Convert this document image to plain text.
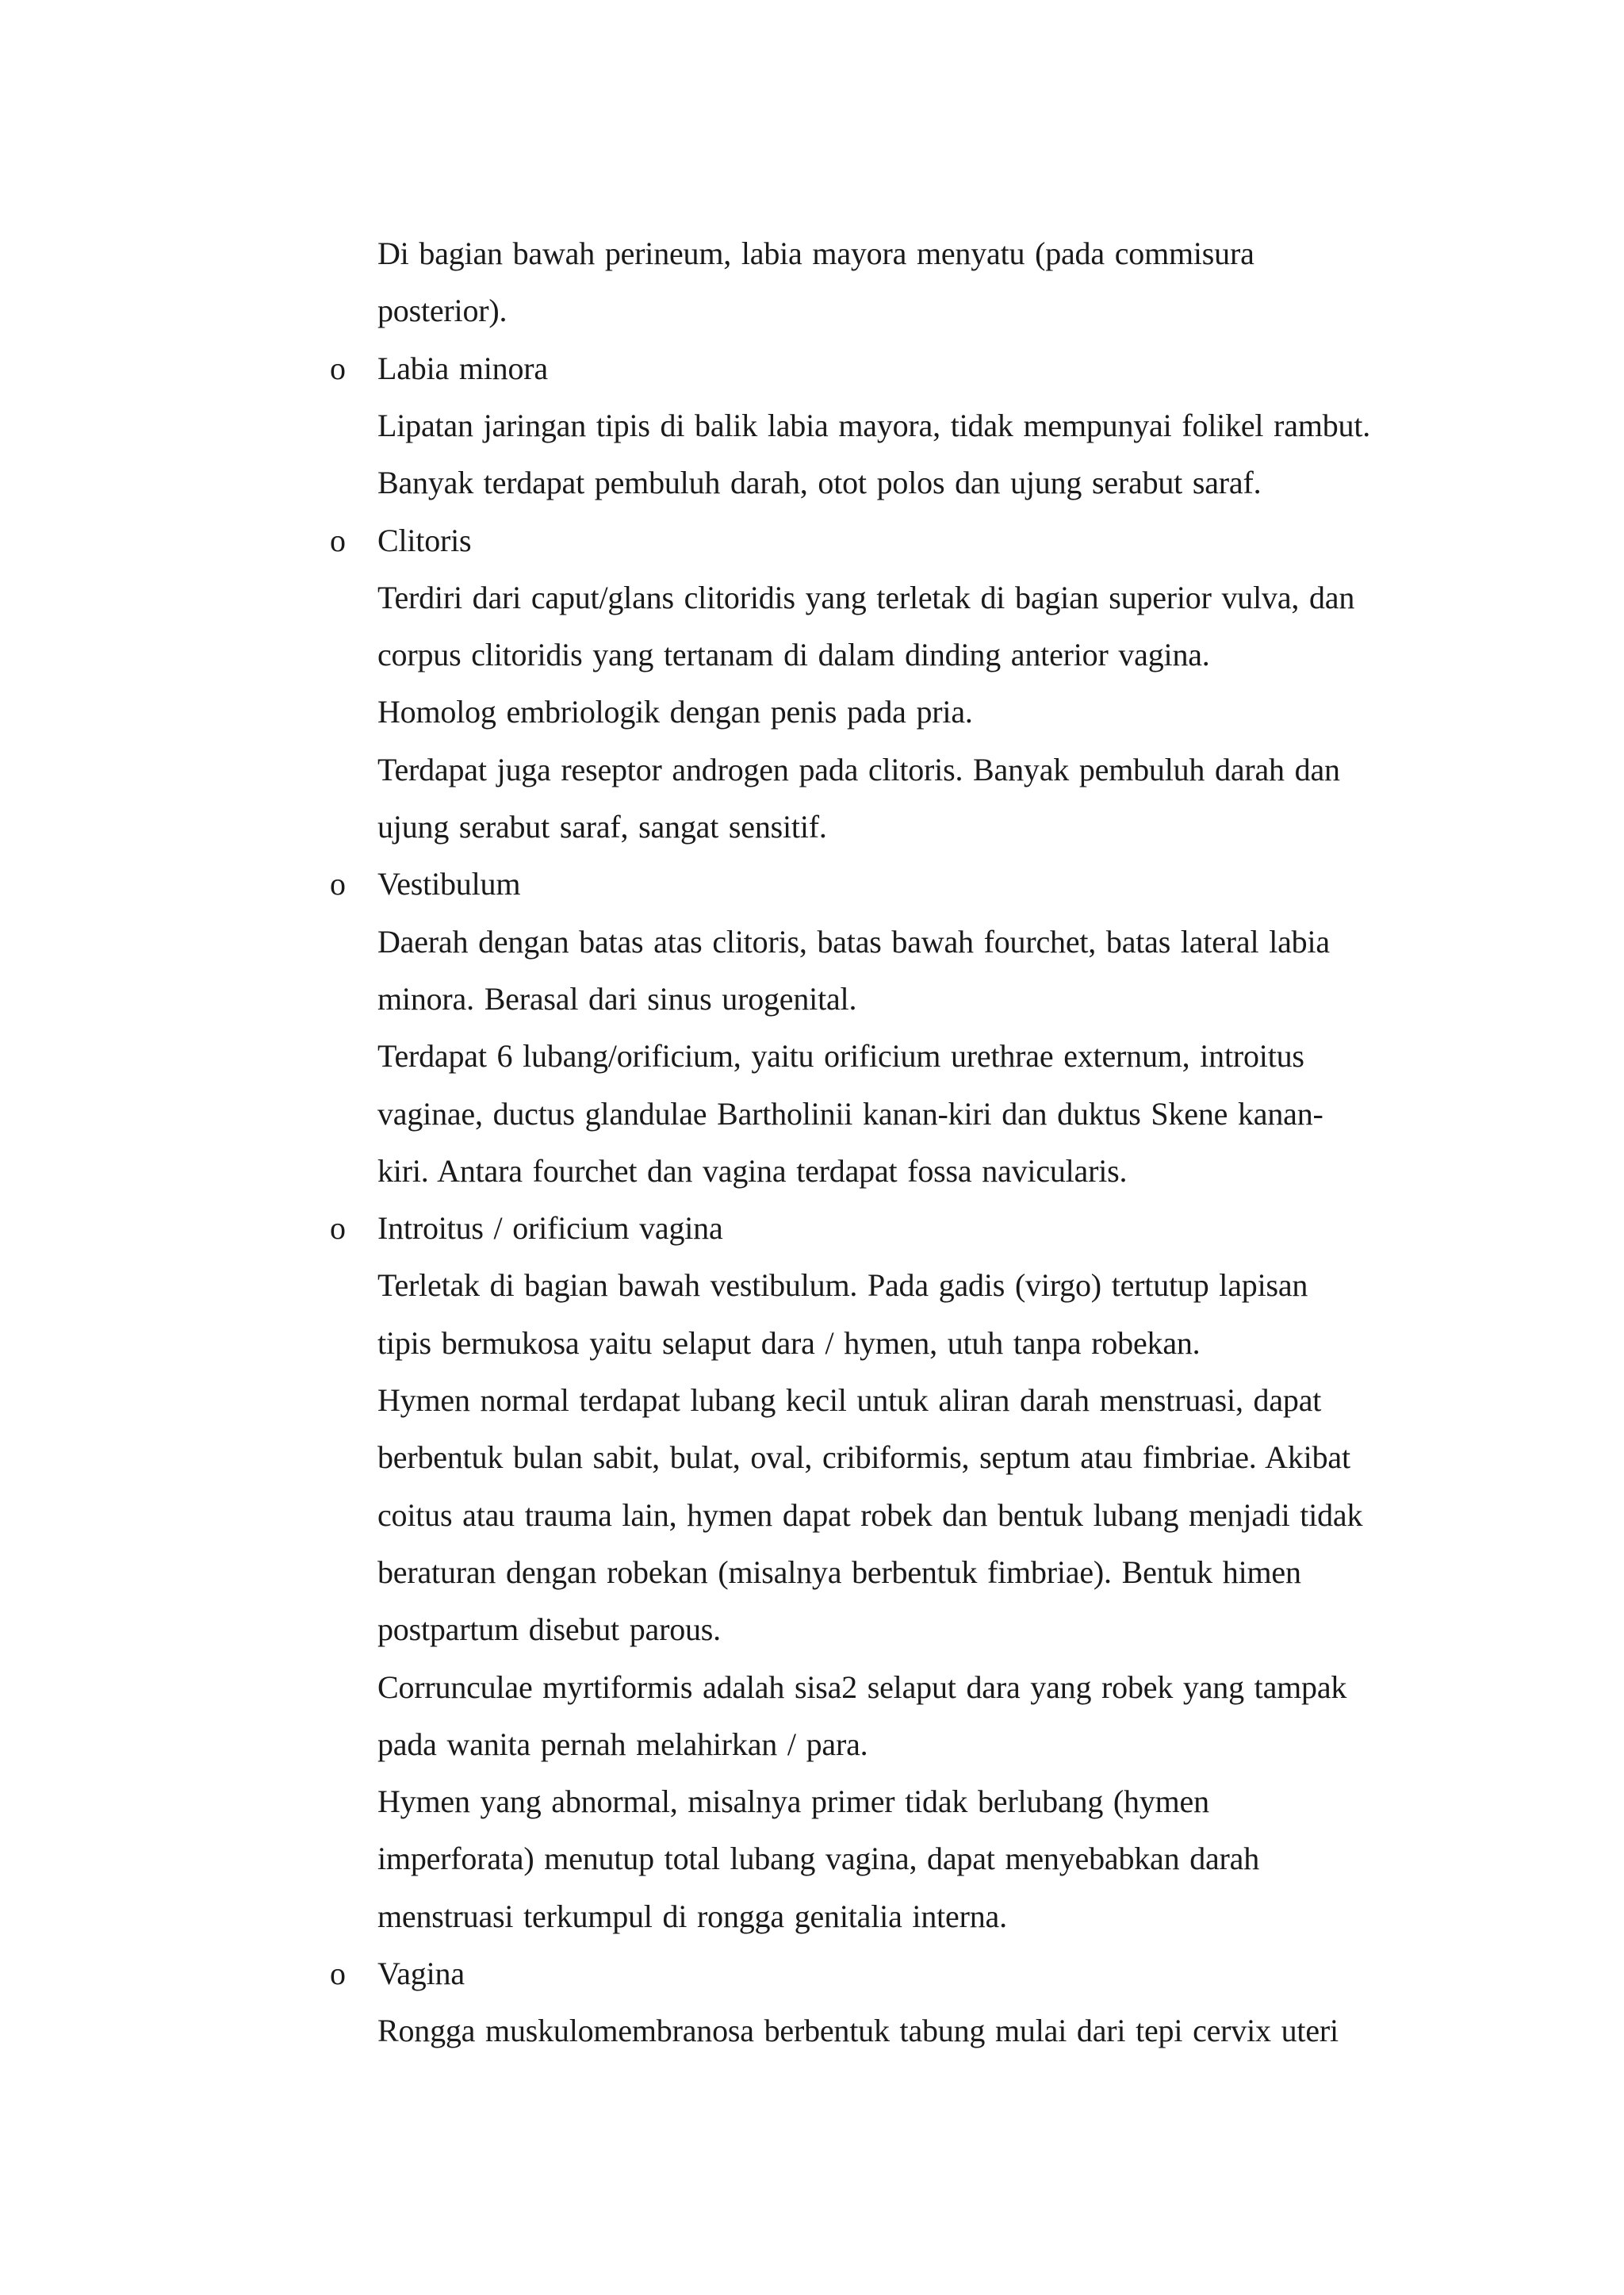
Di bagian bawah perineum, labia mayora menyatu (pada commisura
posterior).
o Labia minora
Lipatan jaringan tipis di balik labia mayora, tidak mempunyai folikel rambut.
Banyak terdapat pembuluh darah, otot polos dan ujung serabut saraf.
o Clitoris
Terdiri dari caput/glans clitoridis yang terletak di bagian superior vulva, dan
corpus clitoridis yang tertanam di dalam dinding anterior vagina.
Homolog embriologik dengan penis pada pria.
Terdapat juga reseptor androgen pada clitoris. Banyak pembuluh darah dan
ujung serabut saraf, sangat sensitif.
o Vestibulum
Daerah dengan batas atas clitoris, batas bawah fourchet, batas lateral labia
minora. Berasal dari sinus urogenital.
Terdapat 6 lubang/orificium, yaitu orificium urethrae externum, introitus
vaginae, ductus glandulae Bartholinii kanan-kiri dan duktus Skene kanan-
kiri. Antara fourchet dan vagina terdapat fossa navicularis.
o Introitus / orificium vagina
Terletak di bagian bawah vestibulum. Pada gadis (virgo) tertutup lapisan
tipis bermukosa yaitu selaput dara / hymen, utuh tanpa robekan.
Hymen normal terdapat lubang kecil untuk aliran darah menstruasi, dapat
berbentuk bulan sabit, bulat, oval, cribiformis, septum atau fimbriae. Akibat
coitus atau trauma lain, hymen dapat robek dan bentuk lubang menjadi tidak
beraturan dengan robekan (misalnya berbentuk fimbriae). Bentuk himen
postpartum disebut parous.
Corrunculae myrtiformis adalah sisa2 selaput dara yang robek yang tampak
pada wanita pernah melahirkan / para.
Hymen yang abnormal, misalnya primer tidak berlubang (hymen
imperforata) menutup total lubang vagina, dapat menyebabkan darah
menstruasi terkumpul di rongga genitalia interna.
o Vagina
Rongga muskulomembranosa berbentuk tabung mulai dari tepi cervix uteri
